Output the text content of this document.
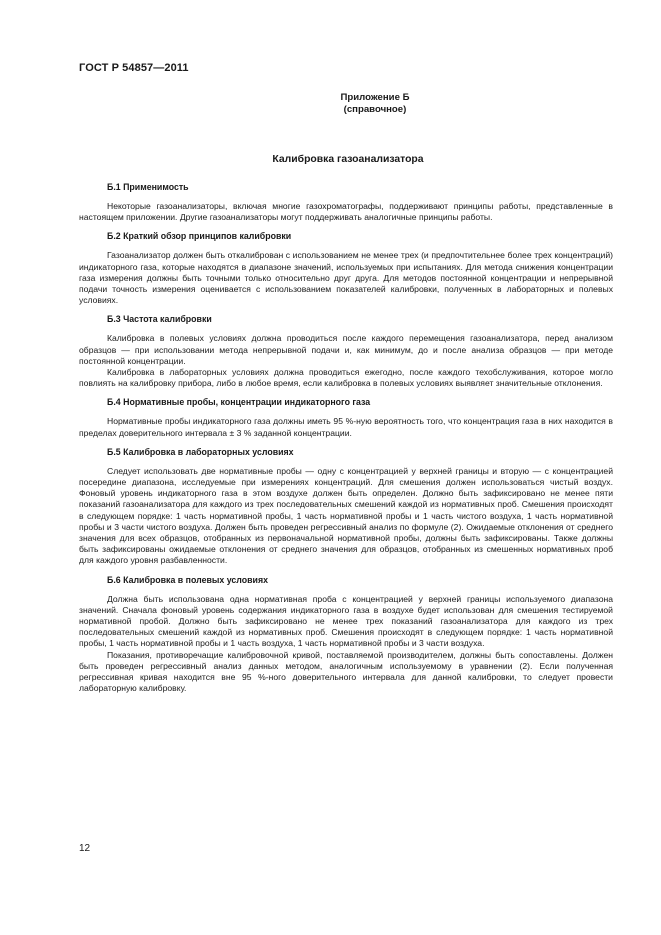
ГОСТ Р 54857—2011
Приложение Б
(справочное)
Калибровка газоанализатора
Б.1 Применимость

Некоторые газоанализаторы, включая многие газохроматографы, поддерживают принципы работы, представленные в настоящем приложении. Другие газоанализаторы могут поддерживать аналогичные принципы работы.

Б.2 Краткий обзор принципов калибровки

Газоанализатор должен быть откалиброван с использованием не менее трех (и предпочтительнее более трех концентраций) индикаторного газа, которые находятся в диапазоне значений, используемых при испытаниях. Для метода снижения концентрации газа измерения должны быть точными только относительно друг друга. Для методов постоянной концентрации и непрерывной подачи точность измерения оценивается с использованием показателей калибровки, полученных в лабораторных и полевых условиях.

Б.3 Частота калибровки

Калибровка в полевых условиях должна проводиться после каждого перемещения газоанализатора, перед анализом образцов — при использовании метода непрерывной подачи и, как минимум, до и после анализа образцов — при методе постоянной концентрации.

Калибровка в лабораторных условиях должна проводиться ежегодно, после каждого техобслуживания, которое могло повлиять на калибровку прибора, либо в любое время, если калибровка в полевых условиях выявляет значительные отклонения.

Б.4 Нормативные пробы, концентрации индикаторного газа

Нормативные пробы индикаторного газа должны иметь 95 %-ную вероятность того, что концентрация газа в них находится в пределах доверительного интервала ± 3 % заданной концентрации.

Б.5 Калибровка в лабораторных условиях

Следует использовать две нормативные пробы — одну с концентрацией у верхней границы и вторую — с концентрацией посередине диапазона, исследуемые при измерениях концентраций. Для смешения должен использоваться чистый воздух. Фоновый уровень индикаторного газа в этом воздухе должен быть определен. Должно быть зафиксировано не менее пяти показаний газоанализатора для каждого из трех последовательных смешений каждой из нормативных проб. Смешения происходят в следующем порядке: 1 часть нормативной пробы, 1 часть нормативной пробы и 1 часть чистого воздуха, 1 часть нормативной пробы и 3 части чистого воздуха. Должен быть проведен регрессивный анализ по формуле (2). Ожидаемые отклонения от среднего значения для всех образцов, отобранных из первоначальной нормативной пробы, должны быть зафиксированы. Также должны быть зафиксированы ожидаемые отклонения от среднего значения для образцов, отобранных из смешенных нормативных проб для каждого уровня разбавленности.

Б.6 Калибровка в полевых условиях

Должна быть использована одна нормативная проба с концентрацией у верхней границы используемого диапазона значений. Сначала фоновый уровень содержания индикаторного газа в воздухе будет использован для смешения тестируемой нормативной пробой. Должно быть зафиксировано не менее трех показаний газоанализатора для каждого из трех последовательных смешений каждой из нормативных проб. Смешения происходят в следующем порядке: 1 часть нормативной пробы, 1 часть нормативной пробы и 1 часть воздуха, 1 часть нормативной пробы и 3 части воздуха.

Показания, противоречащие калибровочной кривой, поставляемой производителем, должны быть сопоставлены. Должен быть проведен регрессивный анализ данных методом, аналогичным используемому в уравнении (2). Если полученная регрессивная кривая находится вне 95 %-ного доверительного интервала для данной калибровки, то следует провести лабораторную калибровку.

12
